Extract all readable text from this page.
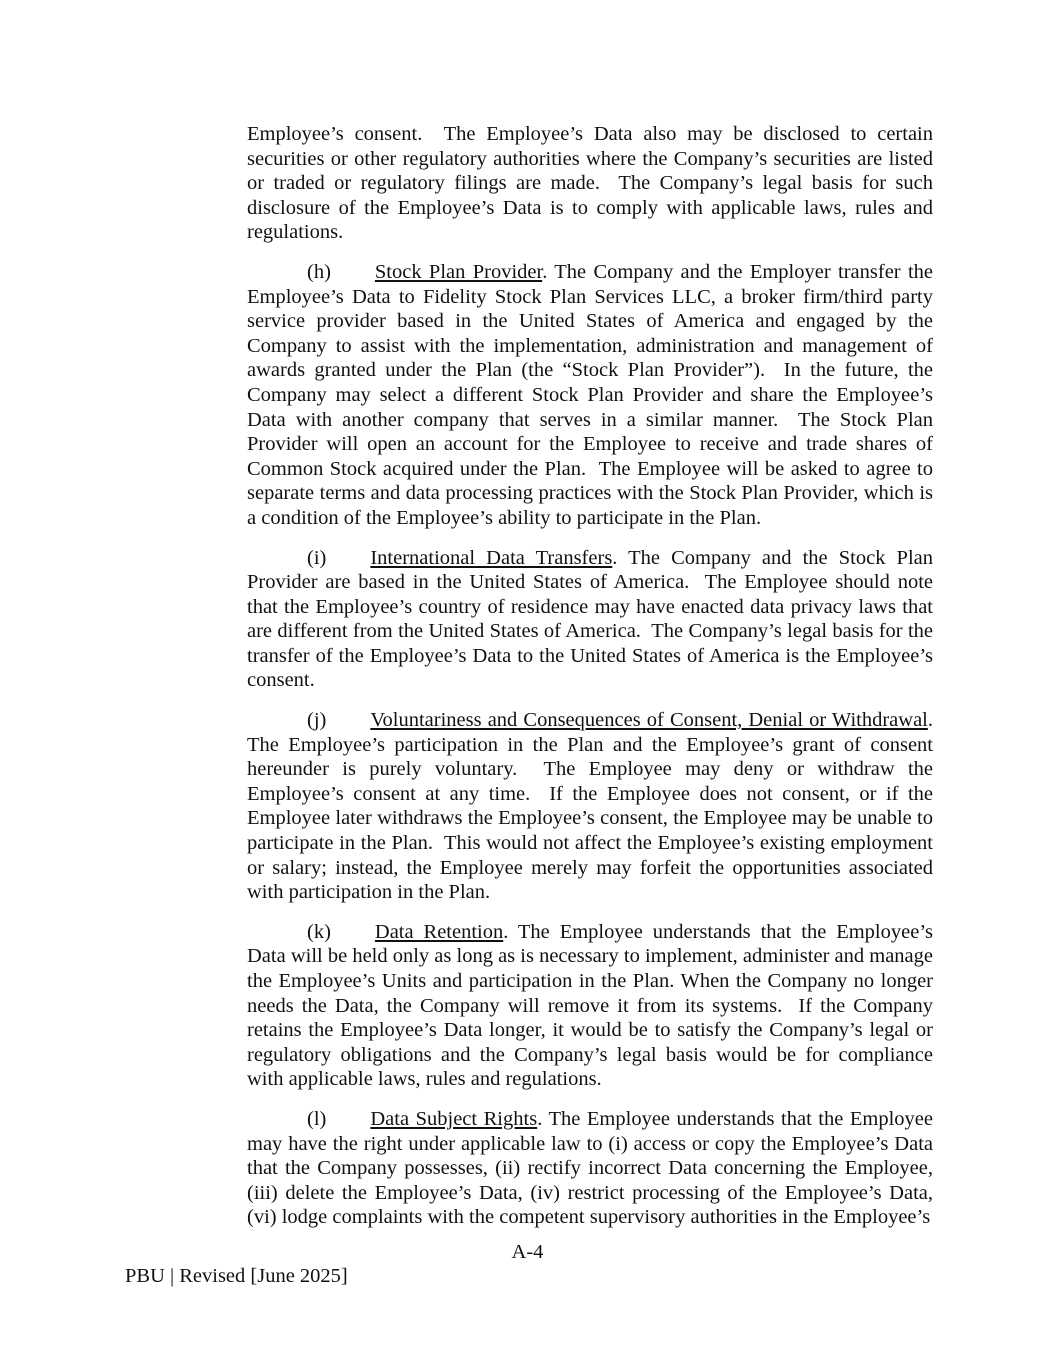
Employee’s consent.  The Employee’s Data also may be disclosed to certain securities or other regulatory authorities where the Company’s securities are listed or traded or regulatory filings are made.  The Company’s legal basis for such disclosure of the Employee’s Data is to comply with applicable laws, rules and regulations.

(h) Stock Plan Provider. The Company and the Employer transfer the Employee’s Data to Fidelity Stock Plan Services LLC, a broker firm/third party service provider based in the United States of America and engaged by the Company to assist with the implementation, administration and management of awards granted under the Plan (the “Stock Plan Provider”).  In the future, the Company may select a different Stock Plan Provider and share the Employee’s Data with another company that serves in a similar manner.  The Stock Plan Provider will open an account for the Employee to receive and trade shares of Common Stock acquired under the Plan.  The Employee will be asked to agree to separate terms and data processing practices with the Stock Plan Provider, which is a condition of the Employee’s ability to participate in the Plan.

(i) International Data Transfers. The Company and the Stock Plan Provider are based in the United States of America.  The Employee should note that the Employee’s country of residence may have enacted data privacy laws that are different from the United States of America.  The Company’s legal basis for the transfer of the Employee’s Data to the United States of America is the Employee’s consent.

(j) Voluntariness and Consequences of Consent, Denial or Withdrawal. The Employee’s participation in the Plan and the Employee’s grant of consent hereunder is purely voluntary.  The Employee may deny or withdraw the Employee’s consent at any time.  If the Employee does not consent, or if the Employee later withdraws the Employee’s consent, the Employee may be unable to participate in the Plan.  This would not affect the Employee’s existing employment or salary; instead, the Employee merely may forfeit the opportunities associated with participation in the Plan.

(k) Data Retention. The Employee understands that the Employee’s Data will be held only as long as is necessary to implement, administer and manage the Employee’s Units and participation in the Plan. When the Company no longer needs the Data, the Company will remove it from its systems.  If the Company retains the Employee’s Data longer, it would be to satisfy the Company’s legal or regulatory obligations and the Company’s legal basis would be for compliance with applicable laws, rules and regulations.

(l) Data Subject Rights. The Employee understands that the Employee may have the right under applicable law to (i) access or copy the Employee’s Data that the Company possesses, (ii) rectify incorrect Data concerning the Employee, (iii) delete the Employee’s Data, (iv) restrict processing of the Employee’s Data, (vi) lodge complaints with the competent supervisory authorities in the Employee’s

A-4
PBU | Revised [June 2025]
